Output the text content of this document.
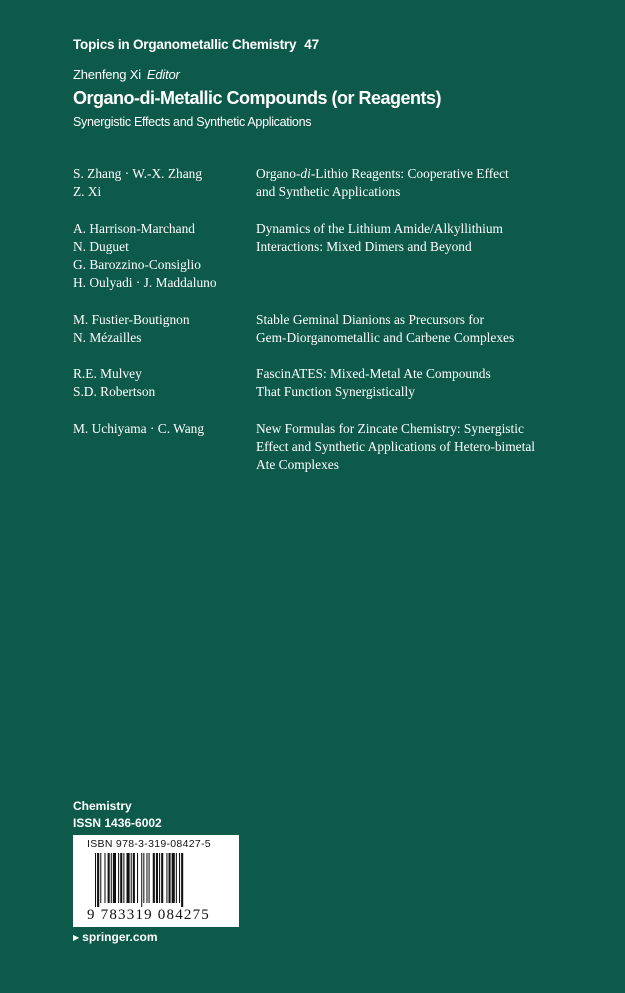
Topics in Organometallic Chemistry 47
Zhenfeng Xi Editor
Organo-di-Metallic Compounds (or Reagents)
Synergistic Effects and Synthetic Applications
S. Zhang · W.-X. Zhang
Z. Xi
Organo-di-Lithio Reagents: Cooperative Effect
and Synthetic Applications
A. Harrison-Marchand
N. Duguet
G. Barozzino-Consiglio
H. Oulyadi · J. Maddaluno
Dynamics of the Lithium Amide/Alkyllithium
Interactions: Mixed Dimers and Beyond
M. Fustier-Boutignon
N. Mézailles
Stable Geminal Dianions as Precursors for
Gem-Diorganometallic and Carbene Complexes
R.E. Mulvey
S.D. Robertson
FascinATES: Mixed-Metal Ate Compounds
That Function Synergistically
M. Uchiyama · C. Wang	New Formulas for Zincate Chemistry: Synergistic
Effect and Synthetic Applications of Hetero-bimetal
Ate Complexes
Chemistry
ISSN 1436-6002
ISBN 978-3-319-08427-5
9 783319 084275
▶ springer.com
